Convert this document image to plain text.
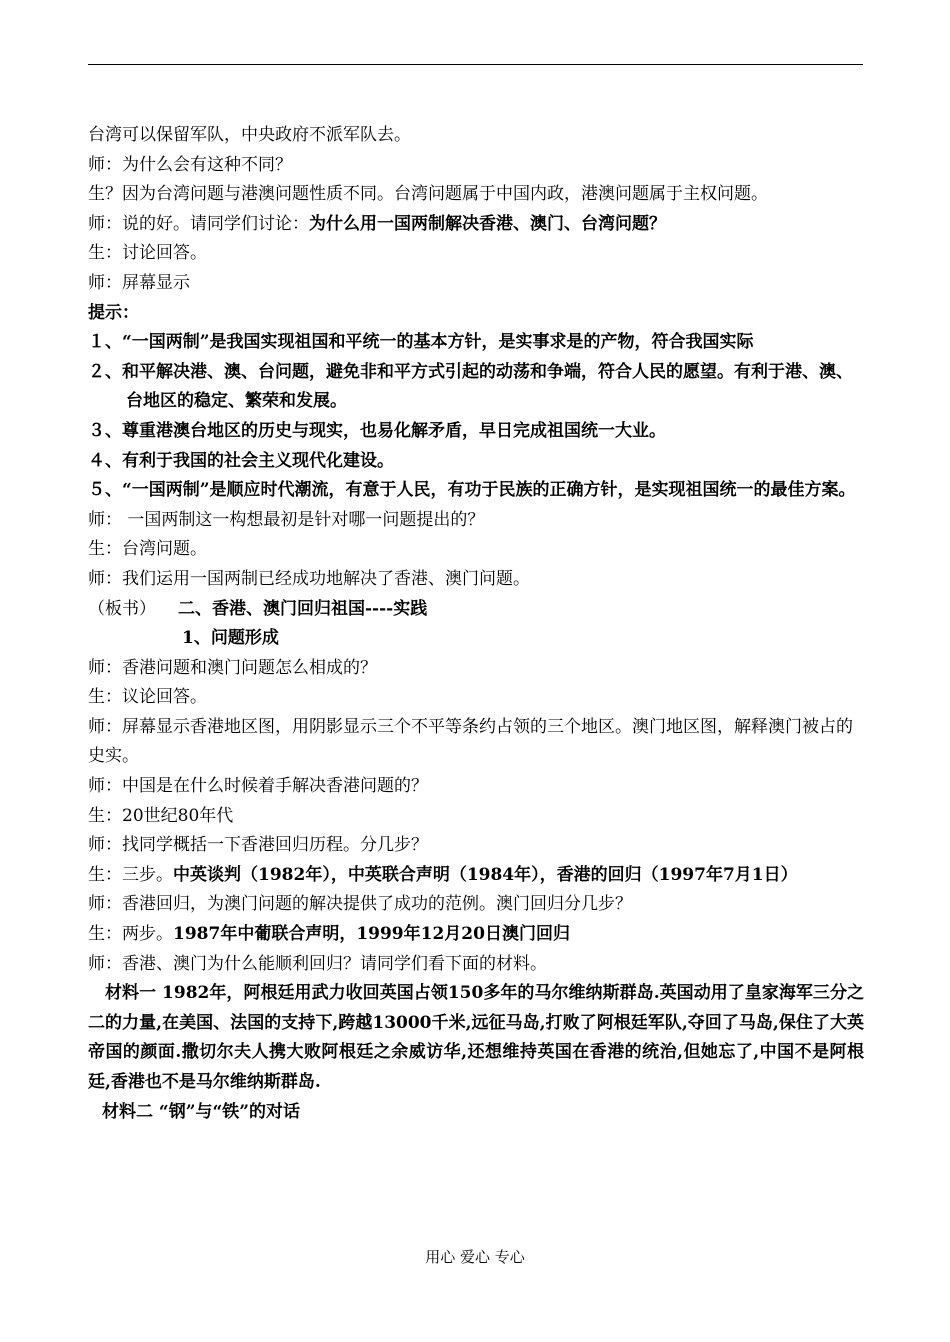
台湾可以保留军队，中央政府不派军队去。

师：为什么会有这种不同？

生？因为台湾问题与港澳问题性质不同。台湾问题属于中国内政，港澳问题属于主权问题。

师：说的好。请同学们讨论：为什么用一国两制解决香港、澳门、台湾问题？

生：讨论回答。

师：屏幕显示

提示：

１、“一国两制”是我国实现祖国和平统一的基本方针，是实事求是的产物，符合我国实际

２、和平解决港、澳、台问题，避免非和平方式引起的动荡和争端，符合人民的愿望。有利于港、澳、台地区的稳定、繁荣和发展。

３、尊重港澳台地区的历史与现实，也易化解矛盾，早日完成祖国统一大业。

４、有利于我国的社会主义现代化建设。

５、“一国两制”是顺应时代潮流，有意于人民，有功于民族的正确方针，是实现祖国统一的最佳方案。

师： 一国两制这一构想最初是针对哪一问题提出的？

生：台湾问题。

师：我们运用一国两制已经成功地解决了香港、澳门问题。

（板书） 二、香港、澳门回归祖国----实践

1、问题形成

师：香港问题和澳门问题怎么相成的？

生：议论回答。

师：屏幕显示香港地区图，用阴影显示三个不平等条约占领的三个地区。澳门地区图，解释澳门被占的史实。

师：中国是在什么时候着手解决香港问题的？

生：20世纪80年代

师：找同学概括一下香港回归历程。分几步？

生：三步。中英谈判（1982年），中英联合声明（1984年），香港的回归（1997年7月1日）

师：香港回归，为澳门问题的解决提供了成功的范例。澳门回归分几步？

生：两步。1987年中葡联合声明，1999年12月20日澳门回归

师：香港、澳门为什么能顺利回归？请同学们看下面的材料。

材料一 1982年，阿根廷用武力收回英国占领150多年的马尔维纳斯群岛.英国动用了皇家海军三分之二的力量,在美国、法国的支持下,跨越13000千米,远征马岛,打败了阿根廷军队,夺回了马岛,保住了大英帝国的颜面.撒切尔夫人携大败阿根廷之余威访华,还想维持英国在香港的统治,但她忘了,中国不是阿根廷,香港也不是马尔维纳斯群岛.

材料二 “钢”与“铁”的对话

用心 爱心 专心
